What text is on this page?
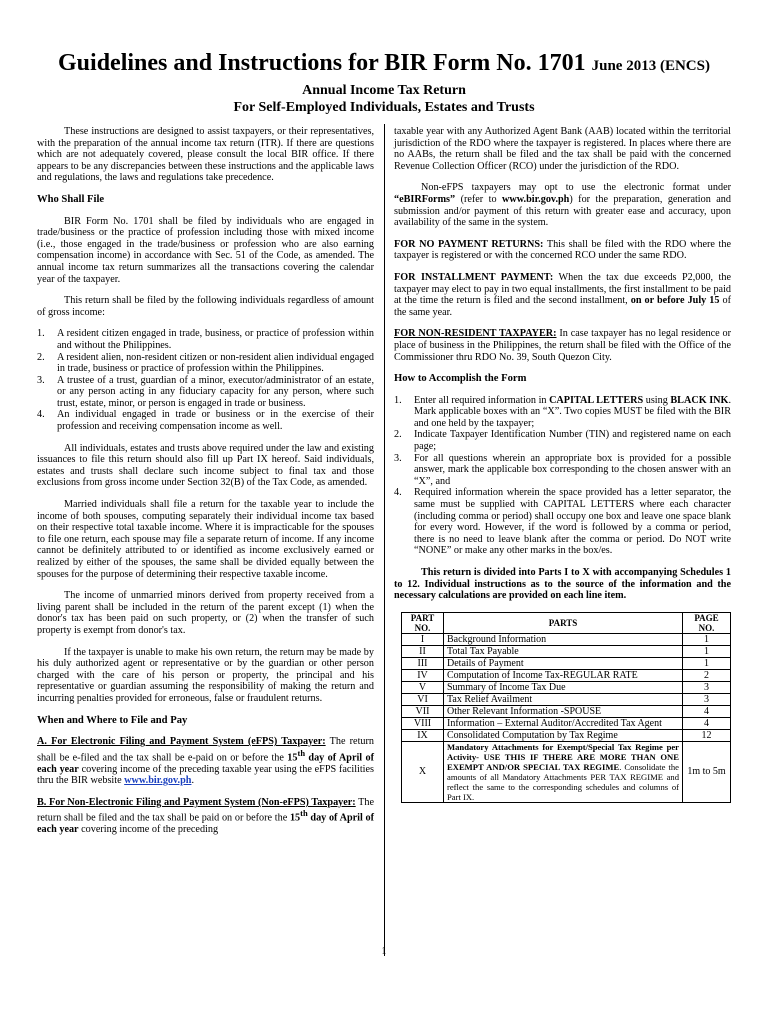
Guidelines and Instructions for BIR Form No. 1701 June 2013 (ENCS)
Annual Income Tax Return
For Self-Employed Individuals, Estates and Trusts

These instructions are designed to assist taxpayers, or their representatives, with the preparation of the annual income tax return (ITR). If there are questions which are not adequately covered, please consult the local BIR office. If there appears to be any discrepancies between these instructions and the applicable laws and regulations, the laws and regulations take precedence.

Who Shall File

BIR Form No. 1701 shall be filed by individuals who are engaged in trade/business or the practice of profession including those with mixed income (i.e., those engaged in the trade/business or profession who are also earning compensation income) in accordance with Sec. 51 of the Code, as amended. The annual income tax return summarizes all the transactions covering the calendar year of the taxpayer.

This return shall be filed by the following individuals regardless of amount of gross income:

1. A resident citizen engaged in trade, business, or practice of profession within and without the Philippines.
2. A resident alien, non-resident citizen or non-resident alien individual engaged in trade, business or practice of profession within the Philippines.
3. A trustee of a trust, guardian of a minor, executor/administrator of an estate, or any person acting in any fiduciary capacity for any person, where such trust, estate, minor, or person is engaged in trade or business.
4. An individual engaged in trade or business or in the exercise of their profession and receiving compensation income as well.

All individuals, estates and trusts above required under the law and existing issuances to file this return should also fill up Part IX hereof. Said individuals, estates and trusts shall declare such income subject to final tax and those exclusions from gross income under Section 32(B) of the Tax Code, as amended.

Married individuals shall file a return for the taxable year to include the income of both spouses, computing separately their individual income tax based on their respective total taxable income. Where it is impracticable for the spouses to file one return, each spouse may file a separate return of income. If any income cannot be definitely attributed to or identified as income exclusively earned or realized by either of the spouses, the same shall be divided equally between the spouses for the purpose of determining their respective taxable income.

The income of unmarried minors derived from property received from a living parent shall be included in the return of the parent except (1) when the donor's tax has been paid on such property, or (2) when the transfer of such property is exempt from donor's tax.

If the taxpayer is unable to make his own return, the return may be made by his duly authorized agent or representative or by the guardian or other person charged with the care of his person or property, the principal and his representative or guardian assuming the responsibility of making the return and incurring penalties provided for erroneous, false or fraudulent returns.

When and Where to File and Pay

A. For Electronic Filing and Payment System (eFPS) Taxpayer: The return shall be e-filed and the tax shall be e-paid on or before the 15th day of April of each year covering income of the preceding taxable year using the eFPS facilities thru the BIR website www.bir.gov.ph.

B. For Non-Electronic Filing and Payment System (Non-eFPS) Taxpayer: The return shall be filed and the tax shall be paid on or before the 15th day of April of each year covering income of the preceding

taxable year with any Authorized Agent Bank (AAB) located within the territorial jurisdiction of the RDO where the taxpayer is registered. In places where there are no AABs, the return shall be filed and the tax shall be paid with the concerned Revenue Collection Officer (RCO) under the jurisdiction of the RDO.

Non-eFPS taxpayers may opt to use the electronic format under “eBIRForms” (refer to www.bir.gov.ph) for the preparation, generation and submission and/or payment of this return with greater ease and accuracy, upon availability of the same in the system.

FOR NO PAYMENT RETURNS: This shall be filed with the RDO where the taxpayer is registered or with the concerned RCO under the same RDO.

FOR INSTALLMENT PAYMENT: When the tax due exceeds P2,000, the taxpayer may elect to pay in two equal installments, the first installment to be paid at the time the return is filed and the second installment, on or before July 15 of the same year.

FOR NON-RESIDENT TAXPAYER: In case taxpayer has no legal residence or place of business in the Philippines, the return shall be filed with the Office of the Commissioner thru RDO No. 39, South Quezon City.

How to Accomplish the Form
1. Enter all required information in CAPITAL LETTERS using BLACK INK. Mark applicable boxes with an “X”. Two copies MUST be filed with the BIR and one held by the taxpayer;
2. Indicate Taxpayer Identification Number (TIN) and registered name on each page;
3. For all questions wherein an appropriate box is provided for a possible answer, mark the applicable box corresponding to the chosen answer with an “X”, and
4. Required information wherein the space provided has a letter separator, the same must be supplied with CAPITAL LETTERS where each character (including comma or period) shall occupy one box and leave one space blank for every word. However, if the word is followed by a comma or period, there is no need to leave blank after the comma or period. Do NOT write “NONE” or make any other marks in the box/es.

This return is divided into Parts I to X with accompanying Schedules 1 to 12. Individual instructions as to the source of the information and the necessary calculations are provided on each line item.

PART NO.	PARTS	PAGE NO.
I	Background Information	1
II	Total Tax Payable	1
III	Details of Payment	1
IV	Computation of Income Tax-REGULAR RATE	2
V	Summary of Income Tax Due	3
VI	Tax Relief Availment	3
VII	Other Relevant Information -SPOUSE	4
VIII	Information – External Auditor/Accredited Tax Agent	4
IX	Consolidated Computation by Tax Regime	12
X	Mandatory Attachments for Exempt/Special Tax Regime per Activity- USE THIS IF THERE ARE MORE THAN ONE EXEMPT AND/OR SPECIAL TAX REGIME. Consolidate the amounts of all Mandatory Attachments PER TAX REGIME and reflect the same to the corresponding schedules and columns of Part IX.	1m to 5m
1
